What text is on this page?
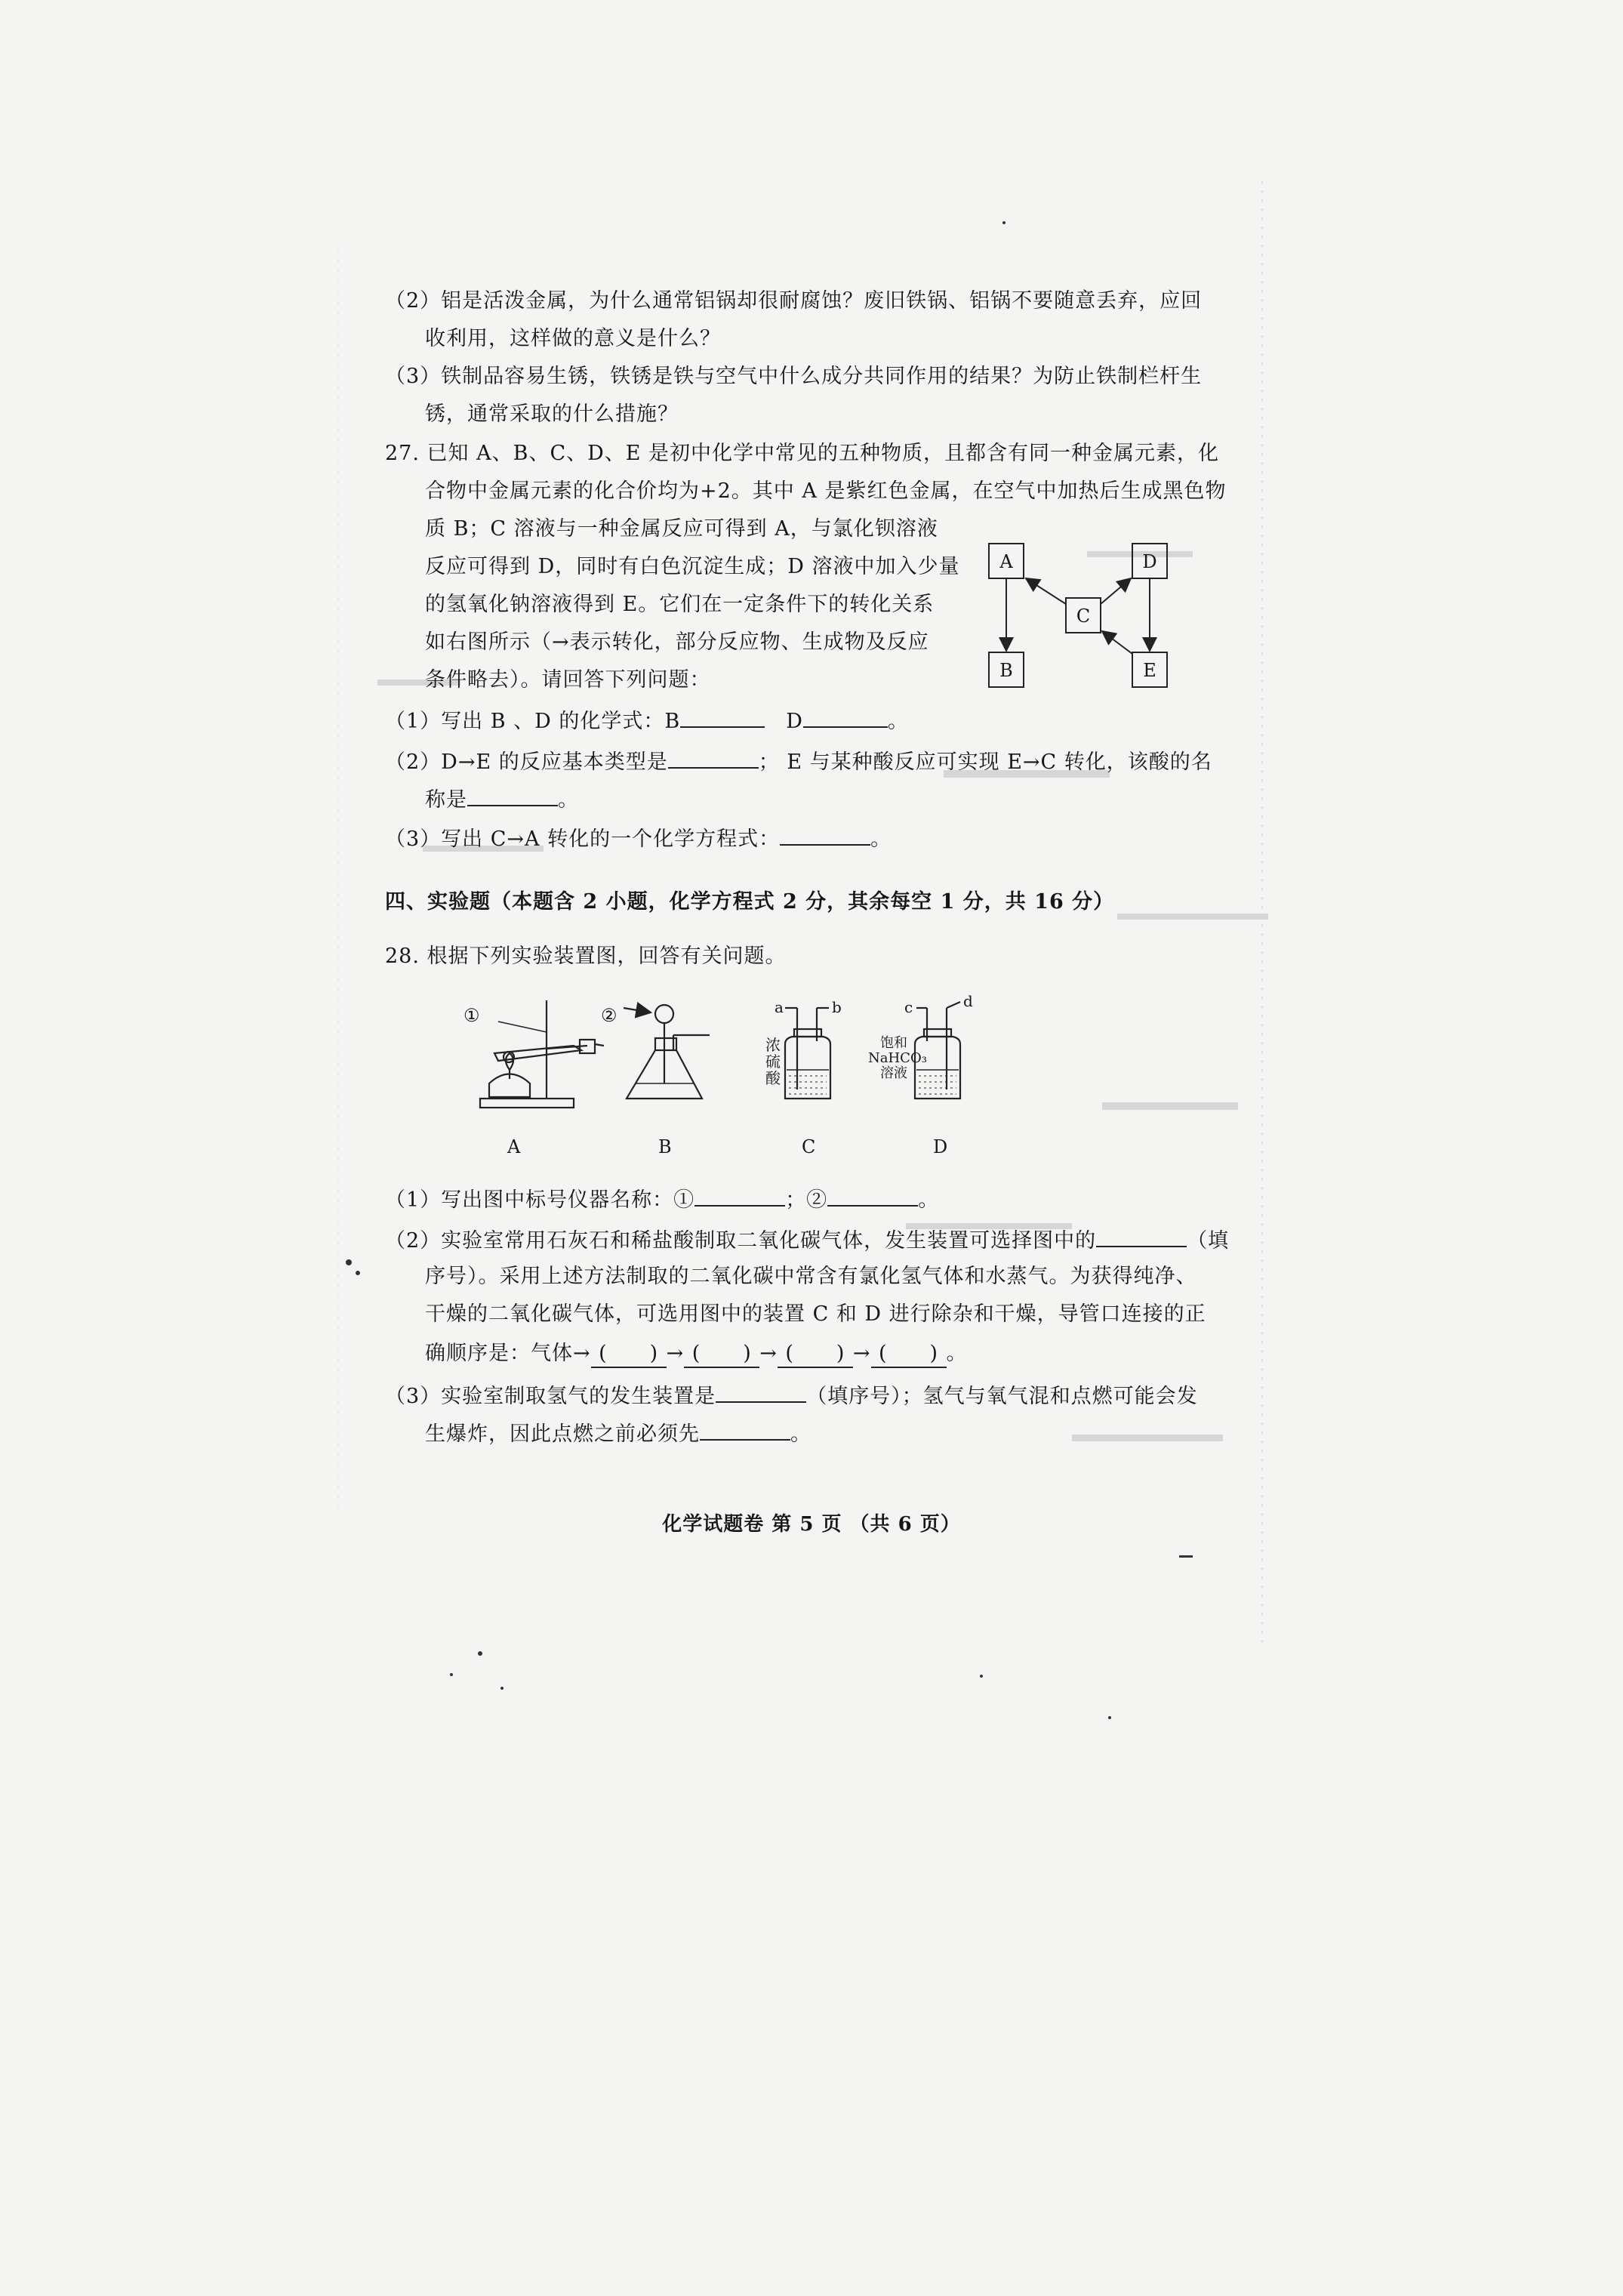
（2）铝是活泼金属，为什么通常铝锅却很耐腐蚀？废旧铁锅、铝锅不要随意丢弃，应回
收利用，这样做的意义是什么？
（3）铁制品容易生锈，铁锈是铁与空气中什么成分共同作用的结果？为防止铁制栏杆生
锈，通常采取的什么措施？
27. 已知 A、B、C、D、E 是初中化学中常见的五种物质，且都含有同一种金属元素，化
合物中金属元素的化合价均为+2。其中 A 是紫红色金属，在空气中加热后生成黑色物
质 B；C 溶液与一种金属反应可得到 A，与氯化钡溶液
反应可得到 D，同时有白色沉淀生成；D 溶液中加入少量
的氢氧化钠溶液得到 E。它们在一定条件下的转化关系
如右图所示（→表示转化，部分反应物、生成物及反应
条件略去）。请回答下列问题：
A
B
C
D
E
（1）写出 B 、D 的化学式：B	D	。
（2）D→E 的反应基本类型是	； E 与某种酸反应可实现 E→C 转化，该酸的名
称是	。
（3）写出 C→A 转化的一个化学方程式：	。
四、实验题（本题含 2 小题，化学方程式 2 分，其余每空 1 分，共 16 分）
28. 根据下列实验装置图，回答有关问题。
①	②	a	b	c	d
浓
硫
酸
饱和
NaHCO₃
溶液
A	B	C	D
（1）写出图中标号仪器名称：①	；②	。
（2）实验室常用石灰石和稀盐酸制取二氧化碳气体，发生装置可选择图中的	（填
序号）。采用上述方法制取的二氧化碳中常含有氯化氢气体和水蒸气。为获得纯净、
干燥的二氧化碳气体，可选用图中的装置 C 和 D 进行除杂和干燥，导管口连接的正
确顺序是：气体→ (  ) → (  ) → (  ) → (  ) 。
（3）实验室制取氢气的发生装置是	（填序号）；氢气与氧气混和点燃可能会发
生爆炸，因此点燃之前必须先	。
化学试题卷 第 5 页 （共 6 页）
